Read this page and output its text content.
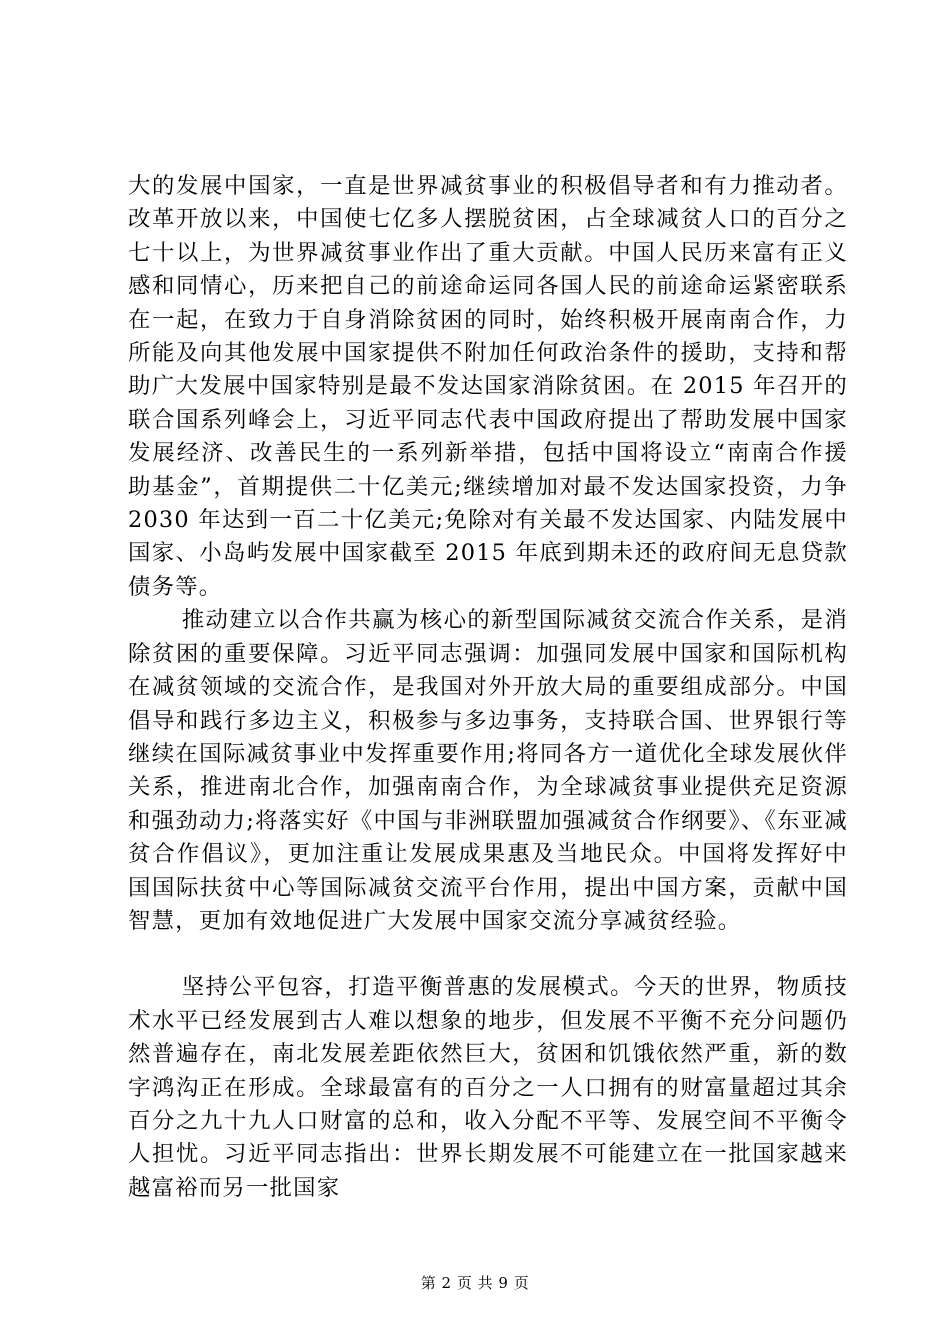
大的发展中国家，一直是世界减贫事业的积极倡导者和有力推动者。改革开放以来，中国使七亿多人摆脱贫困，占全球减贫人口的百分之七十以上，为世界减贫事业作出了重大贡献。中国人民历来富有正义感和同情心，历来把自己的前途命运同各国人民的前途命运紧密联系在一起，在致力于自身消除贫困的同时，始终积极开展南南合作，力所能及向其他发展中国家提供不附加任何政治条件的援助，支持和帮助广大发展中国家特别是最不发达国家消除贫困。在 2015 年召开的联合国系列峰会上，习近平同志代表中国政府提出了帮助发展中国家发展经济、改善民生的一系列新举措，包括中国将设立“南南合作援助基金”，首期提供二十亿美元;继续增加对最不发达国家投资，力争 2030 年达到一百二十亿美元;免除对有关最不发达国家、内陆发展中国家、小岛屿发展中国家截至 2015 年底到期未还的政府间无息贷款债务等。

推动建立以合作共赢为核心的新型国际减贫交流合作关系，是消除贫困的重要保障。习近平同志强调：加强同发展中国家和国际机构在减贫领域的交流合作，是我国对外开放大局的重要组成部分。中国倡导和践行多边主义，积极参与多边事务，支持联合国、世界银行等继续在国际减贫事业中发挥重要作用;将同各方一道优化全球发展伙伴关系，推进南北合作，加强南南合作，为全球减贫事业提供充足资源和强劲动力;将落实好《中国与非洲联盟加强减贫合作纲要》、《东亚减贫合作倡议》，更加注重让发展成果惠及当地民众。中国将发挥好中国国际扶贫中心等国际减贫交流平台作用，提出中国方案，贡献中国智慧，更加有效地促进广大发展中国家交流分享减贫经验。

坚持公平包容，打造平衡普惠的发展模式。今天的世界，物质技术水平已经发展到古人难以想象的地步，但发展不平衡不充分问题仍然普遍存在，南北发展差距依然巨大，贫困和饥饿依然严重，新的数字鸿沟正在形成。全球最富有的百分之一人口拥有的财富量超过其余百分之九十九人口财富的总和，收入分配不平等、发展空间不平衡令人担忧。习近平同志指出：世界长期发展不可能建立在一批国家越来越富裕而另一批国家

第 2 页 共 9 页
